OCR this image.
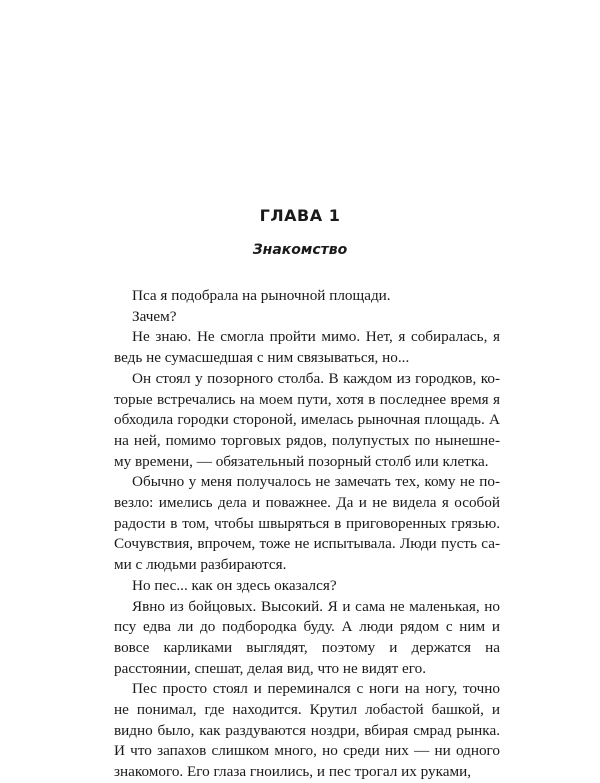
ГЛАВА 1
Знакомство

Пса я подобрала на рыночной площади.

Зачем?

Не знаю. Не смогла пройти мимо. Нет, я собиралась, я ведь не сумасшедшая с ним связываться, но...

Он стоял у позорного столба. В каждом из городков, которые встречались на моем пути, хотя в последнее время я обходила городки стороной, имелась рыночная площадь. А на ней, помимо торговых рядов, полупустых по нынешнему времени, — обязательный позорный столб или клетка.

Обычно у меня получалось не замечать тех, кому не повезло: имелись дела и поважнее. Да и не видела я особой радости в том, чтобы швыряться в приговоренных грязью. Сочувствия, впрочем, тоже не испытывала. Люди пусть сами с людьми разбираются.

Но пес... как он здесь оказался?

Явно из бойцовых. Высокий. Я и сама не маленькая, но псу едва ли до подбородка буду. А люди рядом с ним и вовсе карликами выглядят, поэтому и держатся на расстоянии, спешат, делая вид, что не видят его.

Пес просто стоял и переминался с ноги на ногу, точно не понимал, где находится. Крутил лобастой башкой, и видно было, как раздуваются ноздри, вбирая смрад рынка. И что запахов слишком много, но среди них — ни одного знакомого. Его глаза гноились, и пес трогал их руками,
